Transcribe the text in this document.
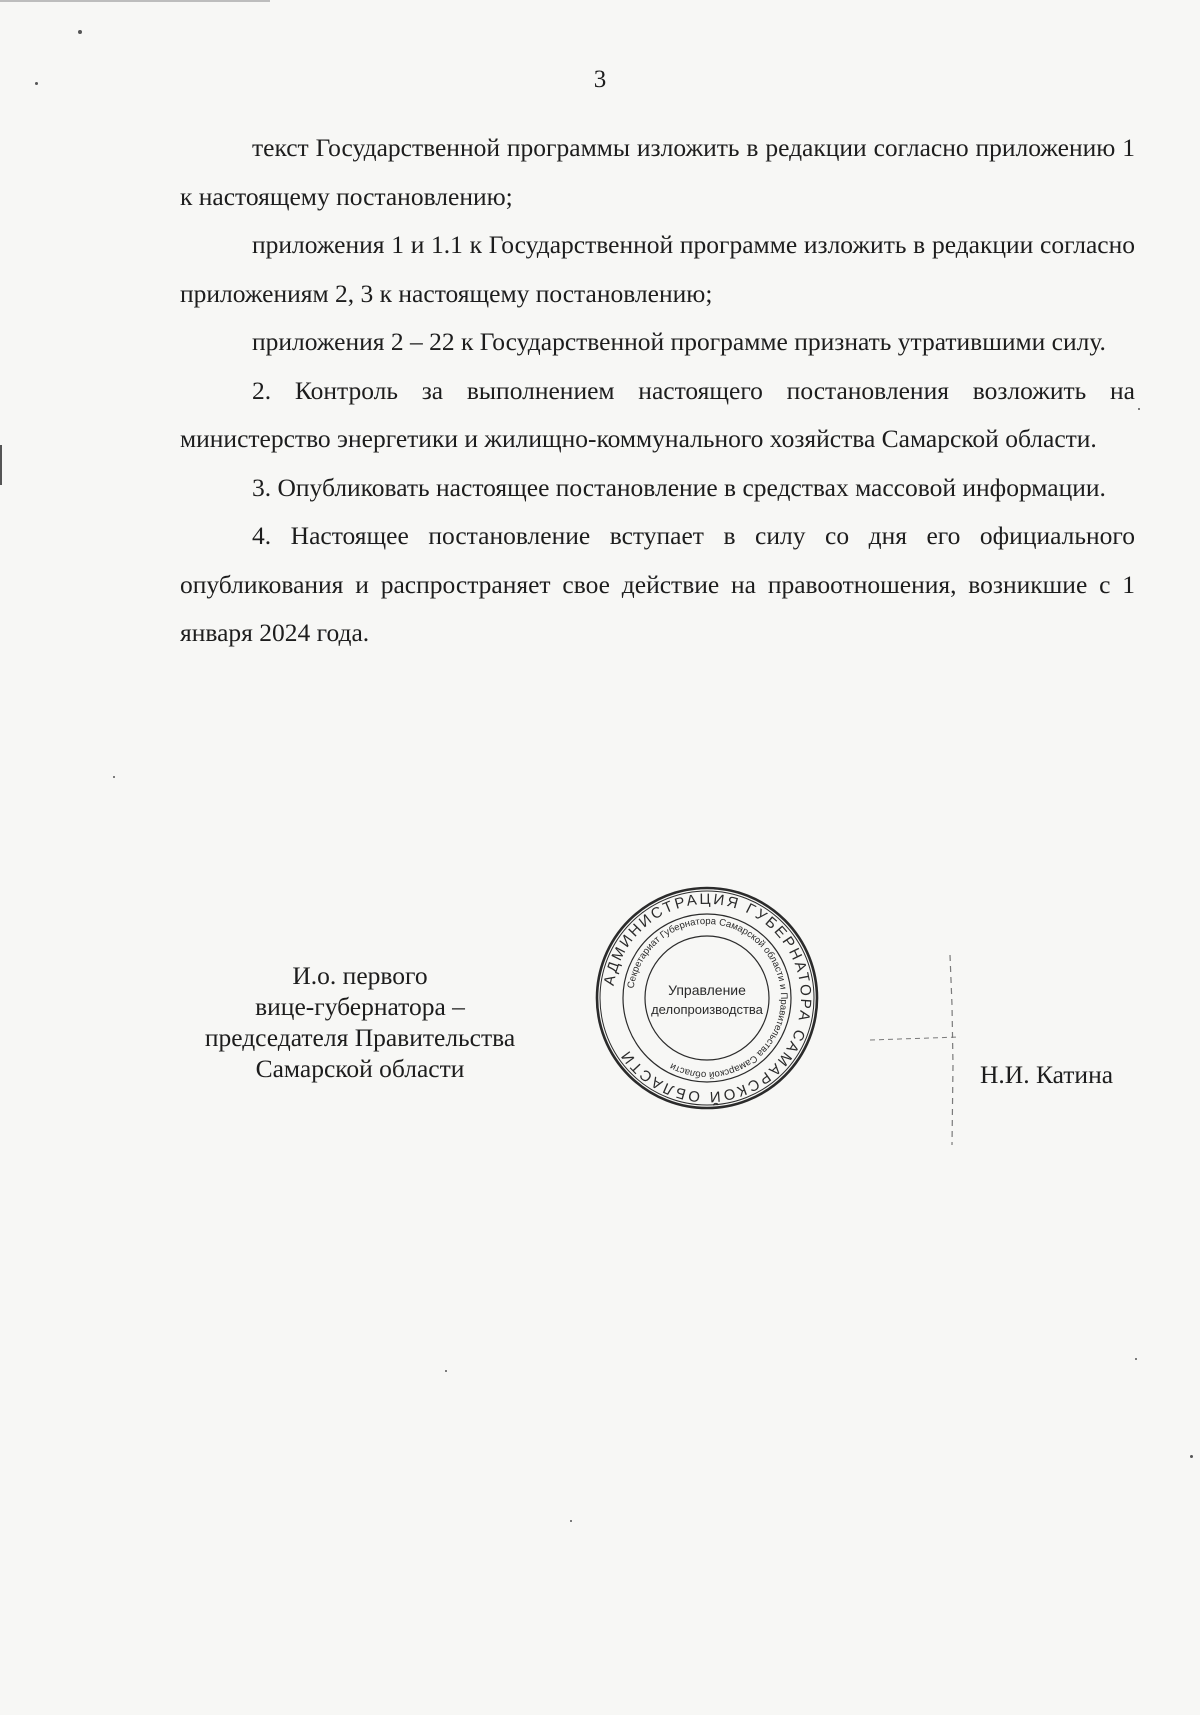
3

текст Государственной программы изложить в редакции согласно приложению 1 к настоящему постановлению;

приложения 1 и 1.1 к Государственной программе изложить в редакции согласно приложениям 2, 3 к настоящему постановлению;

приложения 2 – 22 к Государственной программе признать утратившими силу.

2. Контроль за выполнением настоящего постановления возложить на министерство энергетики и жилищно-коммунального хозяйства Самарской области.

3. Опубликовать настоящее постановление в средствах массовой информации.

4. Настоящее постановление вступает в силу со дня его официального опубликования и распространяет свое действие на правоотношения, возникшие с 1 января 2024 года.

И.о. первого
вице-губернатора –
председателя Правительства
Самарской области
АДМИНИСТРАЦИЯ ГУБЕРНАТОРА САМАРСКОЙ ОБЛАСТИ
Секретариат Губернатора Самарской области и Правительства Самарской области
Управление
делопроизводства
Н.И. Катина
